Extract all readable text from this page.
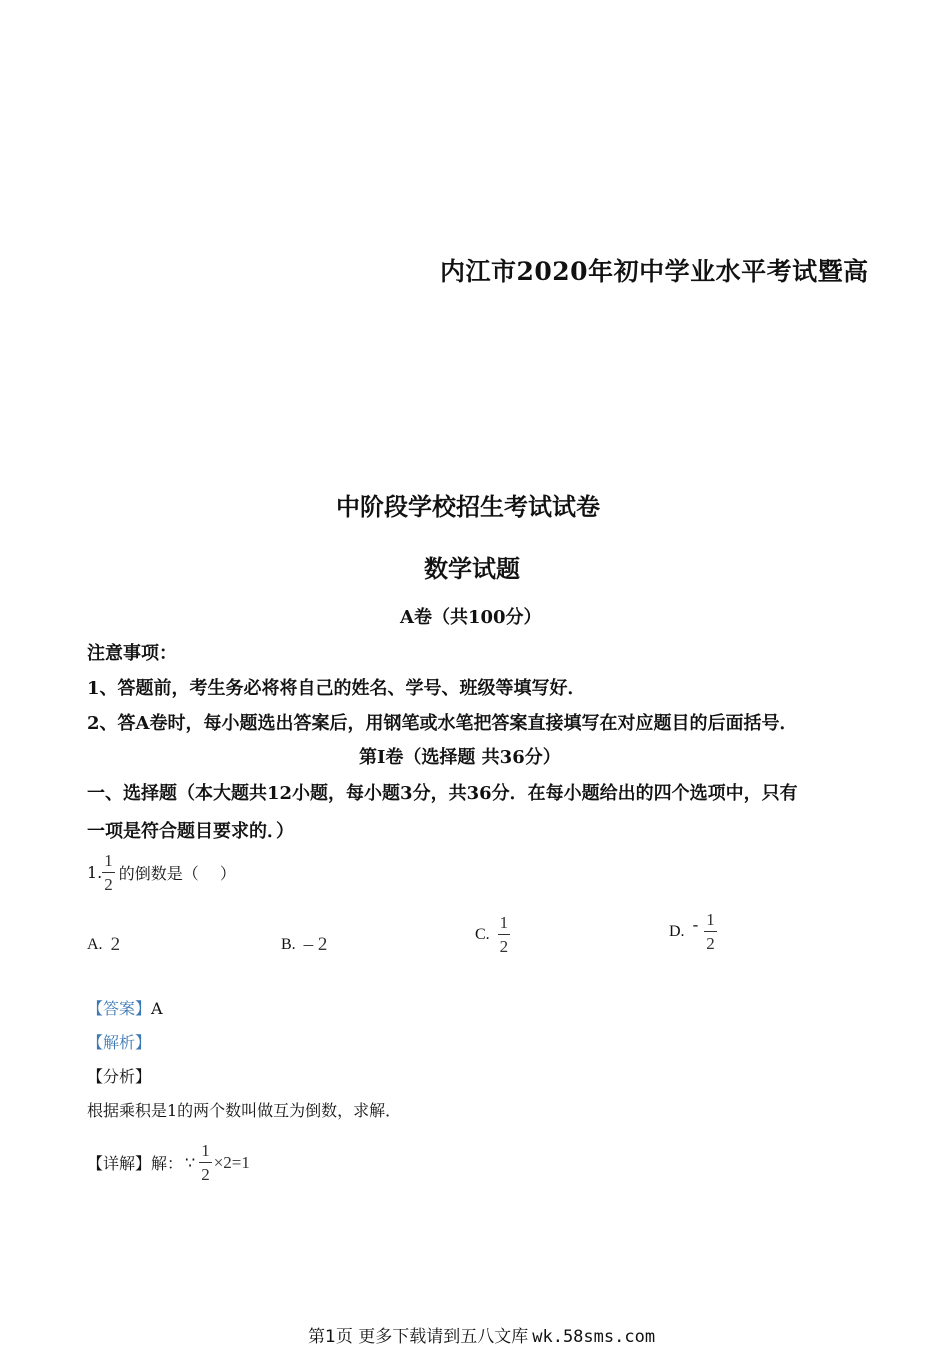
内江市2020年初中学业水平考试暨高
中阶段学校招生考试试卷
数学试题
A卷（共100分）
注意事项：
1、答题前，考生务必将将自己的姓名、学号、班级等填写好．
2、答A卷时，每小题选出答案后，用钢笔或水笔把答案直接填写在对应题目的后面括号．
第Ⅰ卷（选择题 共36分）
一、选择题（本大题共12小题，每小题3分，共36分．在每小题给出的四个选项中，只有
一项是符合题目要求的．）
1. $\frac{1}{2}$ 的倒数是（　 ）
A. 2	B. – 2	C. $\frac{1}{2}$	D. - $\frac{1}{2}$
【答案】A
【解析】
【分析】
根据乘积是1的两个数叫做互为倒数，求解．
【详解】解： ∵ $\frac{1}{2} \times 2=1$
第1页 更多下载请到五八文库 wk.58sms.com
